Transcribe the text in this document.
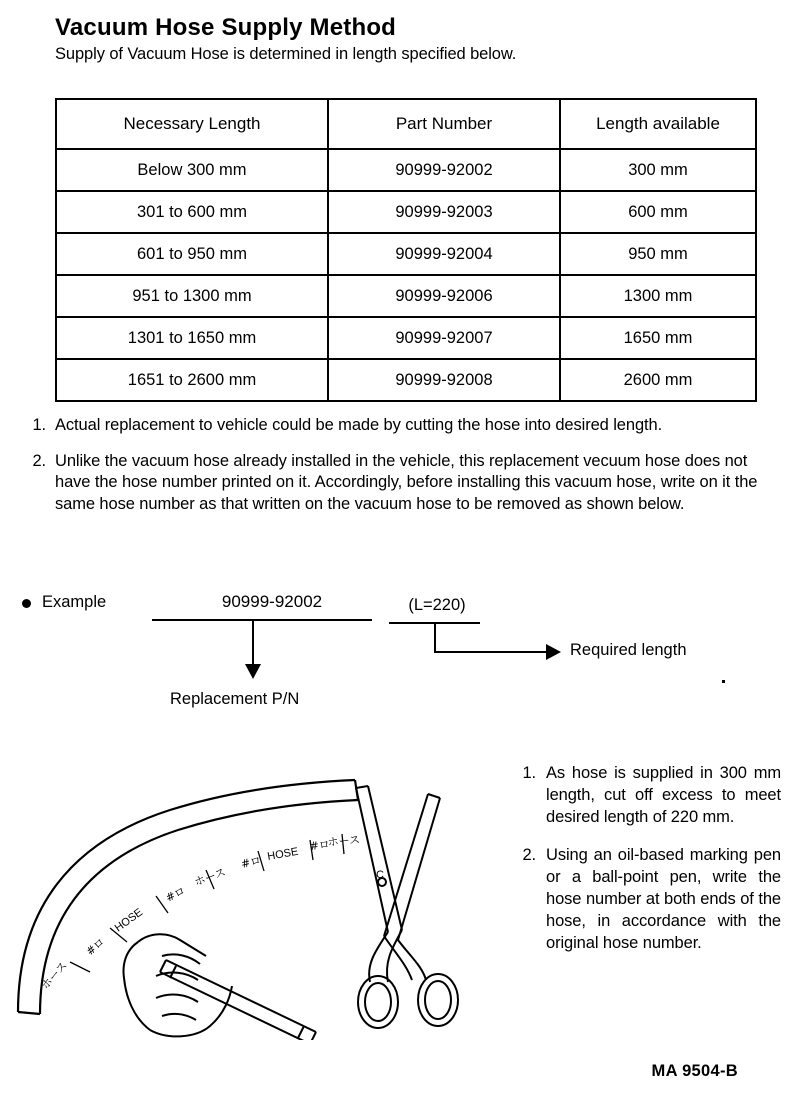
Vacuum Hose Supply Method
Supply of Vacuum Hose is determined in length specified below.
Necessary Length	Part Number	Length available
Below 300 mm	90999-92002	300 mm
301 to 600 mm	90999-92003	600 mm
601 to 950 mm	90999-92004	950 mm
951 to 1300 mm	90999-92006	1300 mm
1301 to 1650 mm	90999-92007	1650 mm
1651 to 2600 mm	90999-92008	2600 mm
1. Actual replacement to vehicle could be made by cutting the hose into desired length.
2. Unlike the vacuum hose already installed in the vehicle, this replacement vecuum hose does not have the hose number printed on it. Accordingly, before installing this vacuum hose, write on it the same hose number as that written on the vacuum hose to be removed as shown below.
Example	90999-92002	(L=220)
Replacement P/N
Required length
ホース
#ロ
HOSE
#ロ
ホース
#ロ HOSE
#ロ
ホース
C
1. As hose is supplied in 300 mm length, cut off excess to meet desired length of 220 mm.
2. Using an oil-based marking pen or a ball-point pen, write the hose number at both ends of the hose, in accordance with the original hose number.
MA 9504-B
